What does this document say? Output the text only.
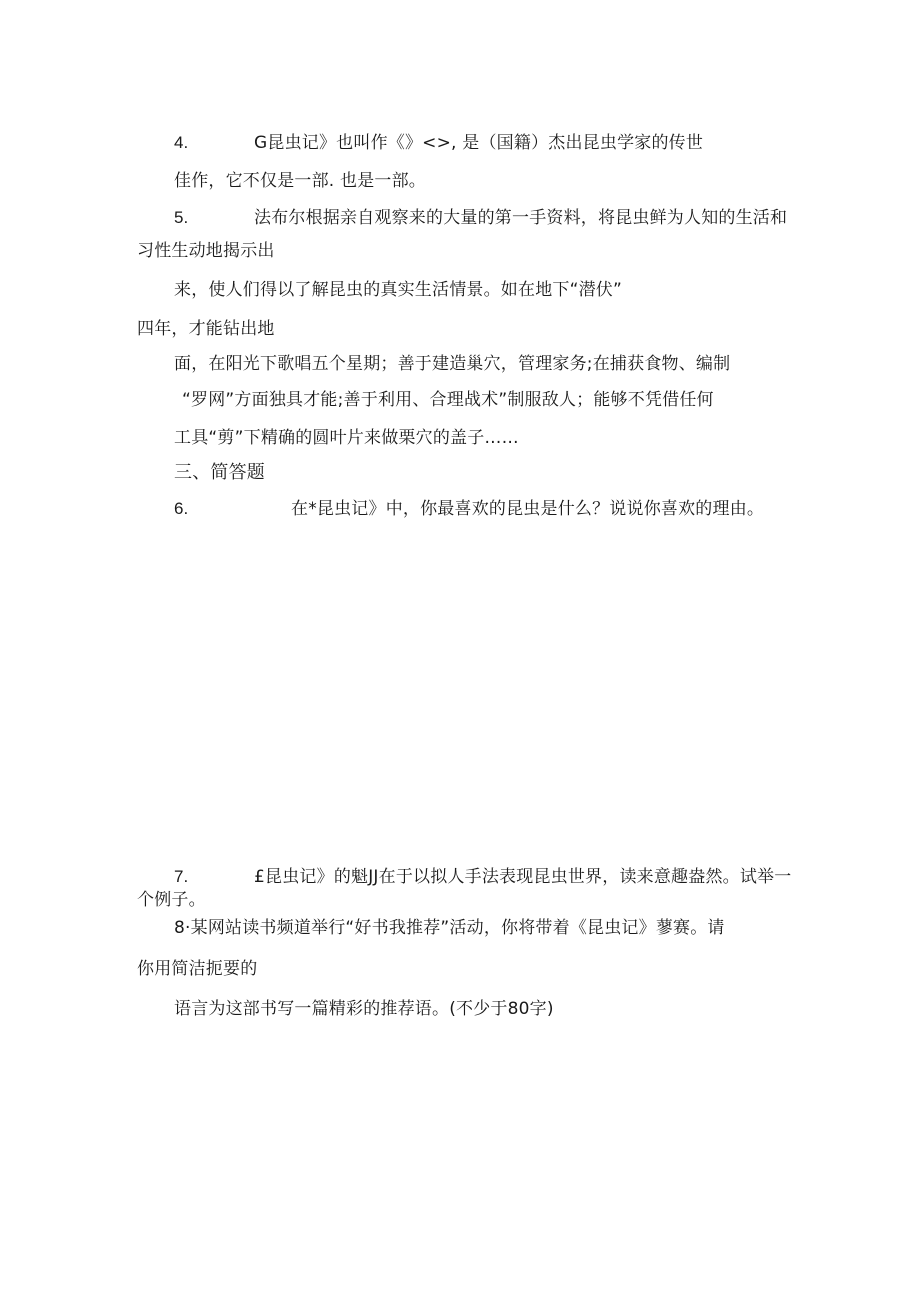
4.	G昆虫记》也叫作《》<>, 是（国籍）杰出昆虫学家的传世
佳作，它不仅是一部. 也是一部。
5.	法布尔根据亲自观察来的大量的第一手资料，将昆虫鲜为人知的生活和
习性生动地揭示出
来，使人们得以了解昆虫的真实生活情景。如在地下“潜伏”
四年，才能钻出地
面，在阳光下歌唱五个星期；善于建造巢穴，管理家务;在捕获食物、编制
“罗网”方面独具才能;善于利用、合理战术”制服敌人；能够不凭借任何
工具“剪”下精确的圆叶片来做栗穴的盖子……
三、简答题
6.	在*昆虫记》中，你最喜欢的昆虫是什么？说说你喜欢的理由。
7.	£昆虫记》的魁JJ在于以拟人手法表现昆虫世界，读来意趣盎然。试举一
个例子。
8·某网站读书频道举行“好书我推荐”活动，你将带着《昆虫记》蓼赛。请
你用简洁扼要的
语言为这部书写一篇精彩的推荐语。(不少于80字)
